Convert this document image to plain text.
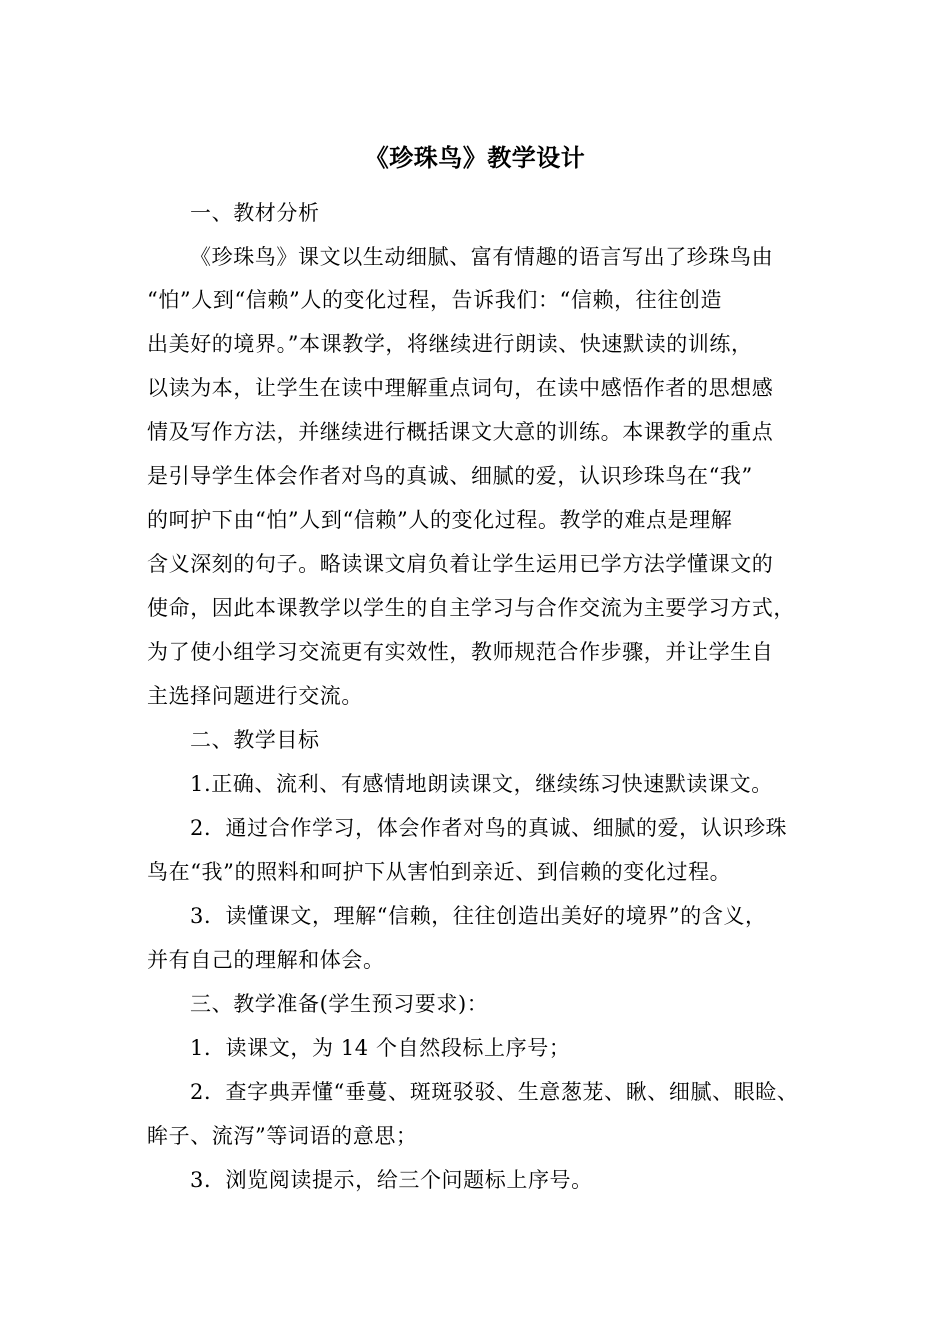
《珍珠鸟》教学设计
一、教材分析
《珍珠鸟》课文以生动细腻、富有情趣的语言写出了珍珠鸟由
“怕”人到“信赖”人的变化过程，告诉我们：“信赖，往往创造
出美好的境界。”本课教学，将继续进行朗读、快速默读的训练，
以读为本，让学生在读中理解重点词句，在读中感悟作者的思想感
情及写作方法，并继续进行概括课文大意的训练。本课教学的重点
是引导学生体会作者对鸟的真诚、细腻的爱，认识珍珠鸟在“我”
的呵护下由“怕”人到“信赖”人的变化过程。教学的难点是理解
含义深刻的句子。略读课文肩负着让学生运用已学方法学懂课文的
使命，因此本课教学以学生的自主学习与合作交流为主要学习方式，
为了使小组学习交流更有实效性，教师规范合作步骤，并让学生自
主选择问题进行交流。
二、教学目标
1.正确、流利、有感情地朗读课文，继续练习快速默读课文。
2．通过合作学习，体会作者对鸟的真诚、细腻的爱，认识珍珠
鸟在“我”的照料和呵护下从害怕到亲近、到信赖的变化过程。
3．读懂课文，理解“信赖，往往创造出美好的境界”的含义，
并有自己的理解和体会。
三、教学准备(学生预习要求)：
1．读课文，为 14 个自然段标上序号；
2．查字典弄懂“垂蔓、斑斑驳驳、生意葱茏、瞅、细腻、眼睑、
眸子、流泻”等词语的意思；
3．浏览阅读提示，给三个问题标上序号。
